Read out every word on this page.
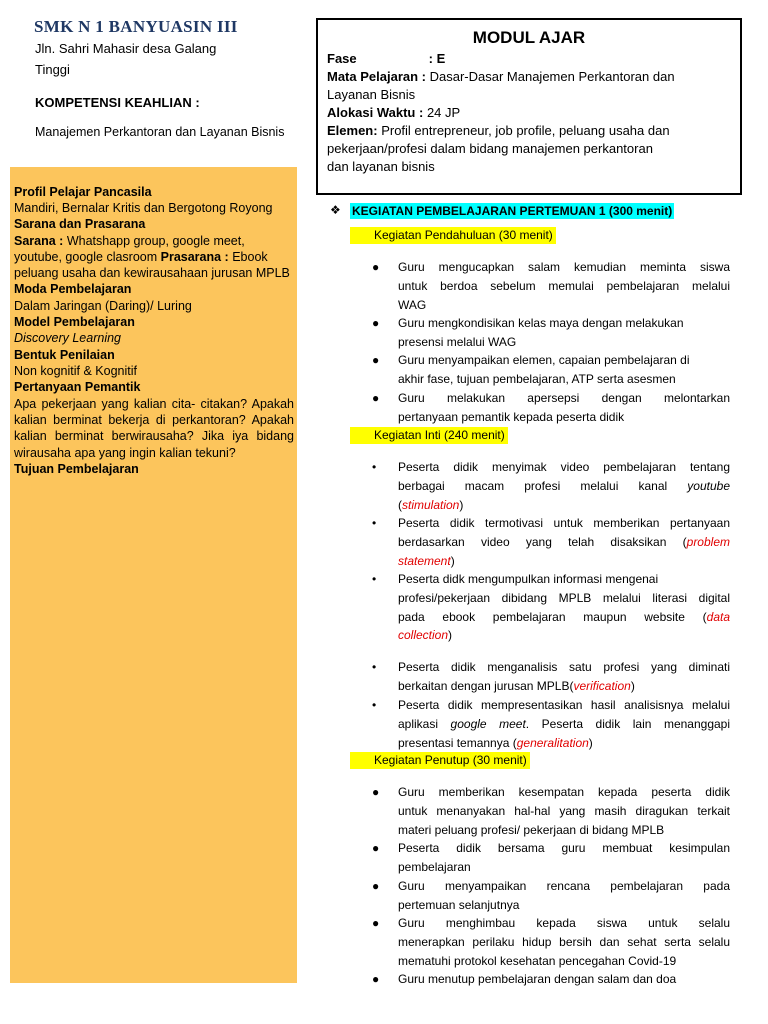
SMK N 1 BANYUASIN III
Jln. Sahri Mahasir desa Galang
Tinggi
KOMPETENSI KEAHLIAN :
Manajemen Perkantoran dan Layanan Bisnis
Profil Pelajar Pancasila
Mandiri, Bernalar Kritis dan Bergotong Royong
Sarana dan Prasarana
Sarana : Whatshapp group, google meet,
youtube, google clasroom Prasarana : Ebook
peluang usaha dan kewirausahaan jurusan MPLB
Moda Pembelajaran
Dalam Jaringan (Daring)/ Luring
Model Pembelajaran
Discovery Learning
Bentuk Penilaian
Non kognitif & Kognitif
Pertanyaan Pemantik
Apa pekerjaan yang kalian cita- citakan? Apakah
kalian berminat bekerja di perkantoran? Apakah
kalian berminat berwirausaha? Jika iya bidang
wirausaha apa yang ingin kalian tekuni?
Tujuan Pembelajaran
MODUL AJAR
Fase	: E
Mata Pelajaran : Dasar-Dasar Manajemen Perkantoran dan
Layanan Bisnis
Alokasi Waktu : 24 JP
Elemen: Profil entrepreneur, job profile, peluang usaha dan
pekerjaan/profesi dalam bidang manajemen perkantoran
dan layanan bisnis
❖ KEGIATAN PEMBELAJARAN PERTEMUAN 1 (300 menit)
Kegiatan Pendahuluan (30 menit)
● Guru mengucapkan salam kemudian meminta siswa
untuk berdoa sebelum memulai pembelajaran melalui
WAG
● Guru mengkondisikan kelas maya dengan melakukan
presensi melalui WAG
● Guru menyampaikan elemen, capaian pembelajaran di
akhir fase, tujuan pembelajaran, ATP serta asesmen
● Guru melakukan apersepsi dengan melontarkan
pertanyaan pemantik kepada peserta didik
Kegiatan Inti (240 menit)
• Peserta didik menyimak video pembelajaran tentang
berbagai macam profesi melalui kanal youtube
(stimulation)
• Peserta didik termotivasi untuk memberikan pertanyaan
berdasarkan video yang telah disaksikan (problem
statement)
• Peserta didk mengumpulkan informasi mengenai
profesi/pekerjaan dibidang MPLB melalui literasi digital
pada ebook pembelajaran maupun website (data
collection)
• Peserta didik menganalisis satu profesi yang diminati
berkaitan dengan jurusan MPLB(verification)
• Peserta didik mempresentasikan hasil analisisnya melalui
aplikasi google meet. Peserta didik lain menanggapi
presentasi temannya (generalitation)
Kegiatan Penutup (30 menit)
● Guru memberikan kesempatan kepada peserta didik
untuk menanyakan hal-hal yang masih diragukan terkait
materi peluang profesi/ pekerjaan di bidang MPLB
● Peserta didik bersama guru membuat kesimpulan
pembelajaran
● Guru menyampaikan rencana pembelajaran pada
pertemuan selanjutnya
● Guru menghimbau kepada siswa untuk selalu
menerapkan perilaku hidup bersih dan sehat serta selalu
mematuhi protokol kesehatan pencegahan Covid-19
● Guru menutup pembelajaran dengan salam dan doa
